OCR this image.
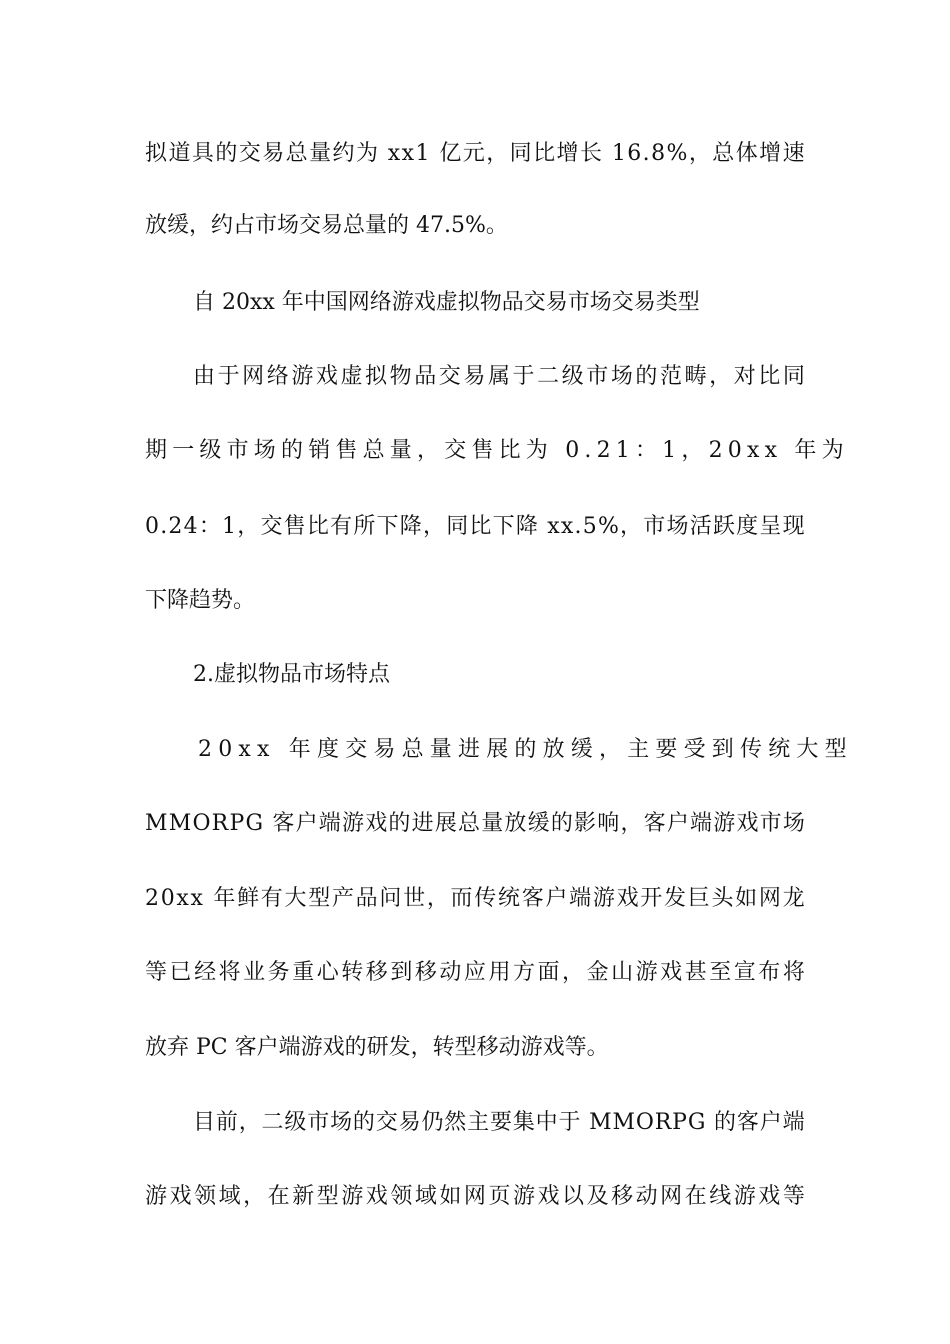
拟 道 具 的 交 易 总 量 约 为
x x 1
亿 元 ， 同 比 增 长
1 6 . 8 % ， 总 体 增 速
放缓，约占市场交易总量的 47.5%。
自 20xx 年中国网络游戏虚拟物品交易市场交易类型
由 于 网 络 游 戏 虚 拟 物 品 交 易 属 于 二 级 市 场 的 范 畴 ， 对 比 同
期一级市场的销售总量，交售比为 0.21：1，20xx 年为
0 . 2 4 ： 1 ， 交 售 比 有 所 下 降 ， 同 比 下 降
x x . 5 % ， 市 场 活 跃 度 呈 现
下降趋势。
2.虚拟物品市场特点
20xx 年度交易总量进展的放缓，主要受到传统大型
M M O R P G
客 户 端 游 戏 的 进 展 总 量 放 缓 的 影 响 ， 客 户 端 游 戏 市 场
2 0 x x
年 鲜 有 大 型 产 品 问 世 ， 而 传 统 客 户 端 游 戏 开 发 巨 头 如 网 龙
等 已 经 将 业 务 重 心 转 移 到 移 动 应 用 方 面 ， 金 山 游 戏 甚 至 宣 布 将
放弃 PC 客户端游戏的研发，转型移动游戏等。
目 前 ， 二 级 市 场 的 交 易 仍 然 主 要 集 中 于
M M O R P G
的 客 户 端
游 戏 领 域 ， 在 新 型 游 戏 领 域 如 网 页 游 戏 以 及 移 动 网 在 线 游 戏 等
